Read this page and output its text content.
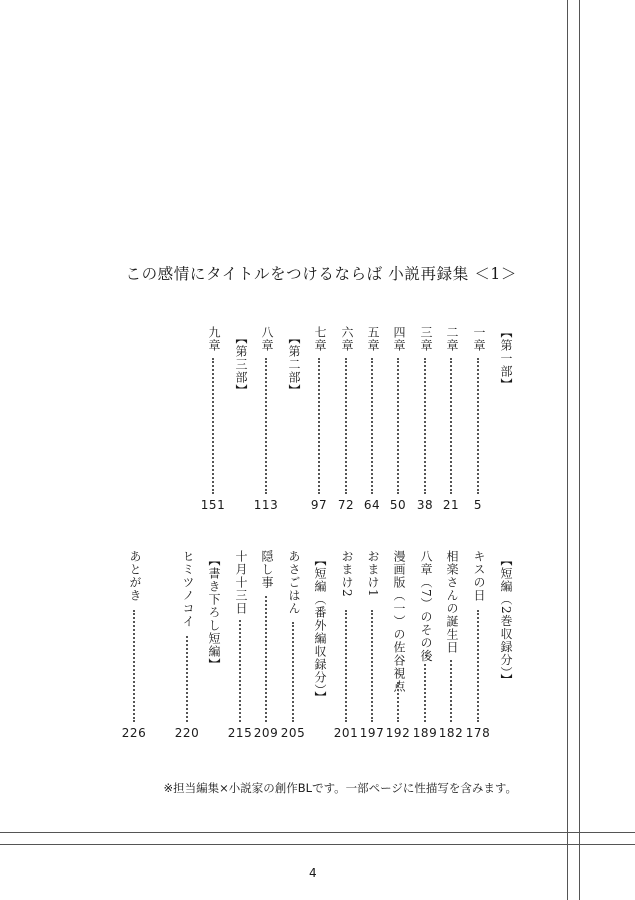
この感情にタイトルをつけるならば 小説再録集 ＜1＞
【第一部】
一章
5
二章
21
三章
38
四章
50
五章
64
六章
72
七章
97
【第二部】
八章
113
【第三部】
九章
151
【短編（2巻収録分）】
キスの日
178
相楽さんの誕生日
182
八章（7）のその後
189
漫画版（一）の佐谷視点
192
おまけ1
197
おまけ2
201
【短編（番外編収録分）】
あさごはん
205
隠し事
209
十月十三日
215
【書き下ろし短編】
ヒミツノコイ
220
あとがき
226
※担当編集×小説家の創作BLです。一部ページに性描写を含みます。
4
